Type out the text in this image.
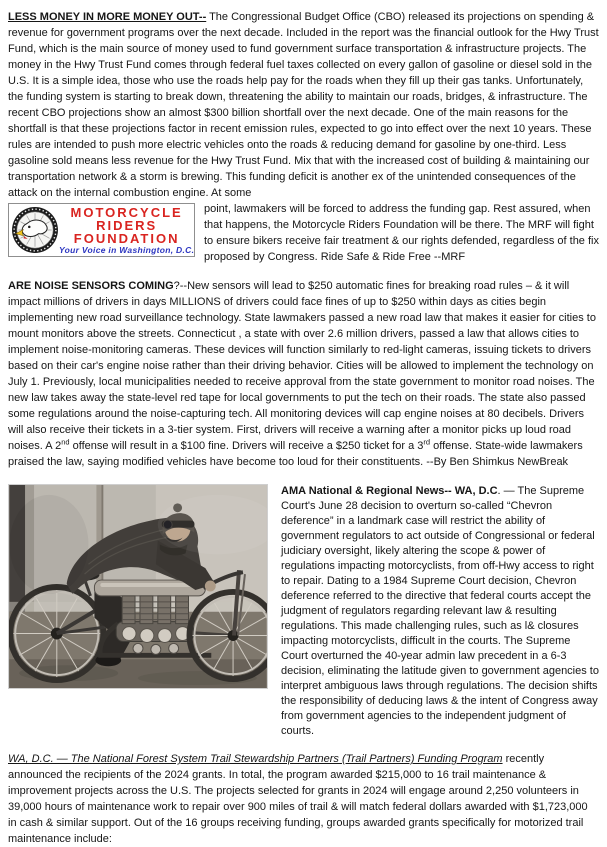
LESS MONEY IN MORE MONEY OUT-- The Congressional Budget Office (CBO) released its projections on spending & revenue for government programs over the next decade. Included in the report was the financial outlook for the Hwy Trust Fund, which is the main source of money used to fund government surface transportation & infrastructure projects. The money in the Hwy Trust Fund comes through federal fuel taxes collected on every gallon of gasoline or diesel sold in the U.S. It is a simple idea, those who use the roads help pay for the roads when they fill up their gas tanks. Unfortunately, the funding system is starting to break down, threatening the ability to maintain our roads, bridges, & infrastructure. The recent CBO projections show an almost $300 billion shortfall over the next decade. One of the main reasons for the shortfall is that these projections factor in recent emission rules, expected to go into effect over the next 10 years. These rules are intended to push more electric vehicles onto the roads & reducing demand for gasoline by one-third. Less gasoline sold means less revenue for the Hwy Trust Fund. Mix that with the increased cost of building & maintaining our transportation network & a storm is brewing. This funding deficit is another ex of the unintended consequences of the attack on the internal combustion engine. At some

MOTORCYCLE
RIDERS
FOUNDATION
Your Voice in Washington, D.C.
point, lawmakers will be forced to address the funding gap. Rest assured, when that happens, the Motorcycle Riders Foundation will be there. The MRF will fight to ensure bikers receive fair treatment & our rights defended, regardless of the fix proposed by Congress. Ride Safe & Ride Free --MRF

ARE NOISE SENSORS COMING?--New sensors will lead to $250 automatic fines for breaking road rules – & it will impact millions of drivers in days MILLIONS of drivers could face fines of up to $250 within days as cities begin implementing new road surveillance technology. State lawmakers passed a new road law that makes it easier for cities to mount monitors above the streets. Connecticut , a state with over 2.6 million drivers, passed a law that allows cities to implement noise-monitoring cameras. These devices will function similarly to red-light cameras, issuing tickets to drivers based on their car's engine noise rather than their driving behavior. Cities will be allowed to implement the technology on July 1. Previously, local municipalities needed to receive approval from the state government to monitor road noises. The new law takes away the state-level red tape for local governments to put the tech on their roads. The state also passed some regulations around the noise-capturing tech. All monitoring devices will cap engine noises at 80 decibels. Drivers will also receive their tickets in a 3-tier system. First, drivers will receive a warning after a monitor picks up loud road noises. A 2nd offense will result in a $100 fine. Drivers will receive a $250 ticket for a 3rd offense. State-wide lawmakers praised the law, saying modified vehicles have become too loud for their constituents. --By Ben Shimkus NewBreak

AMA National & Regional News-- WA, D.C. — The Supreme Court's June 28 decision to overturn so-called “Chevron deference” in a landmark case will restrict the ability of government regulators to act outside of Congressional or federal judiciary oversight, likely altering the scope & power of regulations impacting motorcyclists, from off-Hwy access to right to repair. Dating to a 1984 Supreme Court decision, Chevron deference referred to the directive that federal courts accept the judgment of regulators regarding relevant law & resulting regulations. This made challenging rules, such as l& closures impacting motorcyclists, difficult in the courts. The Supreme Court overturned the 40-year admin law precedent in a 6-3 decision, eliminating the latitude given to government agencies to interpret ambiguous laws through regulations. The decision shifts the responsibility of deducing laws & the intent of Congress away from government agencies to the independent judgment of courts.

WA, D.C. — The National Forest System Trail Stewardship Partners (Trail Partners) Funding Program recently announced the recipients of the 2024 grants. In total, the program awarded $215,000 to 16 trail maintenance & improvement projects across the U.S. The projects selected for grants in 2024 will engage around 2,250 volunteers in 39,000 hours of maintenance work to repair over 900 miles of trail & will match federal dollars awarded with $1,723,000 in cash & similar support. Out of the 16 groups receiving funding, groups awarded grants specifically for motorized trail maintenance include:
